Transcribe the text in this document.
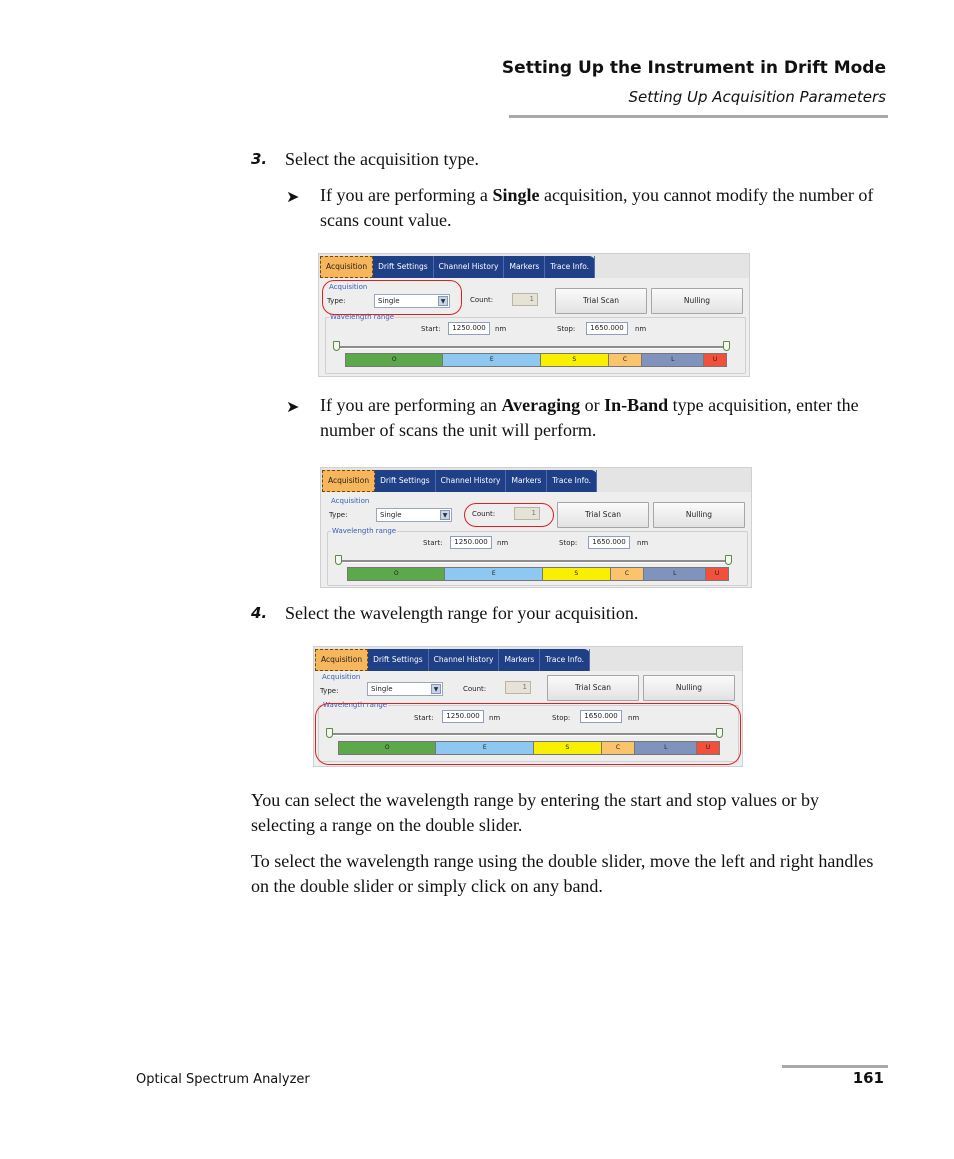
Setting Up the Instrument in Drift Mode
Setting Up Acquisition Parameters
3. Select the acquisition type.
➤ If you are performing a Single acquisition, you cannot modify the number of scans count value.
Acquisition	Drift Settings	Channel History	Markers	Trace Info.
Acquisition
Type:	Single	▼	Count:	1	Trial Scan	Nulling
Wavelength range
Start:	1250.000	nm	Stop:	1650.000	nm
O	E	S	C	L	U
➤ If you are performing an Averaging or In-Band type acquisition, enter the number of scans the unit will perform.
Acquisition	Drift Settings	Channel History	Markers	Trace Info.
Acquisition
Type:	Single	▼	Count:	1	Trial Scan	Nulling
Wavelength range
Start:	1250.000	nm	Stop:	1650.000	nm
O	E	S	C	L	U
4. Select the wavelength range for your acquisition.
Acquisition	Drift Settings	Channel History	Markers	Trace Info.
Acquisition
Type:	Single	▼	Count:	1	Trial Scan	Nulling
Wavelength range
Start:	1250.000	nm	Stop:	1650.000	nm
O	E	S	C	L	U
You can select the wavelength range by entering the start and stop values or by selecting a range on the double slider.
To select the wavelength range using the double slider, move the left and right handles on the double slider or simply click on any band.
Optical Spectrum Analyzer	161
